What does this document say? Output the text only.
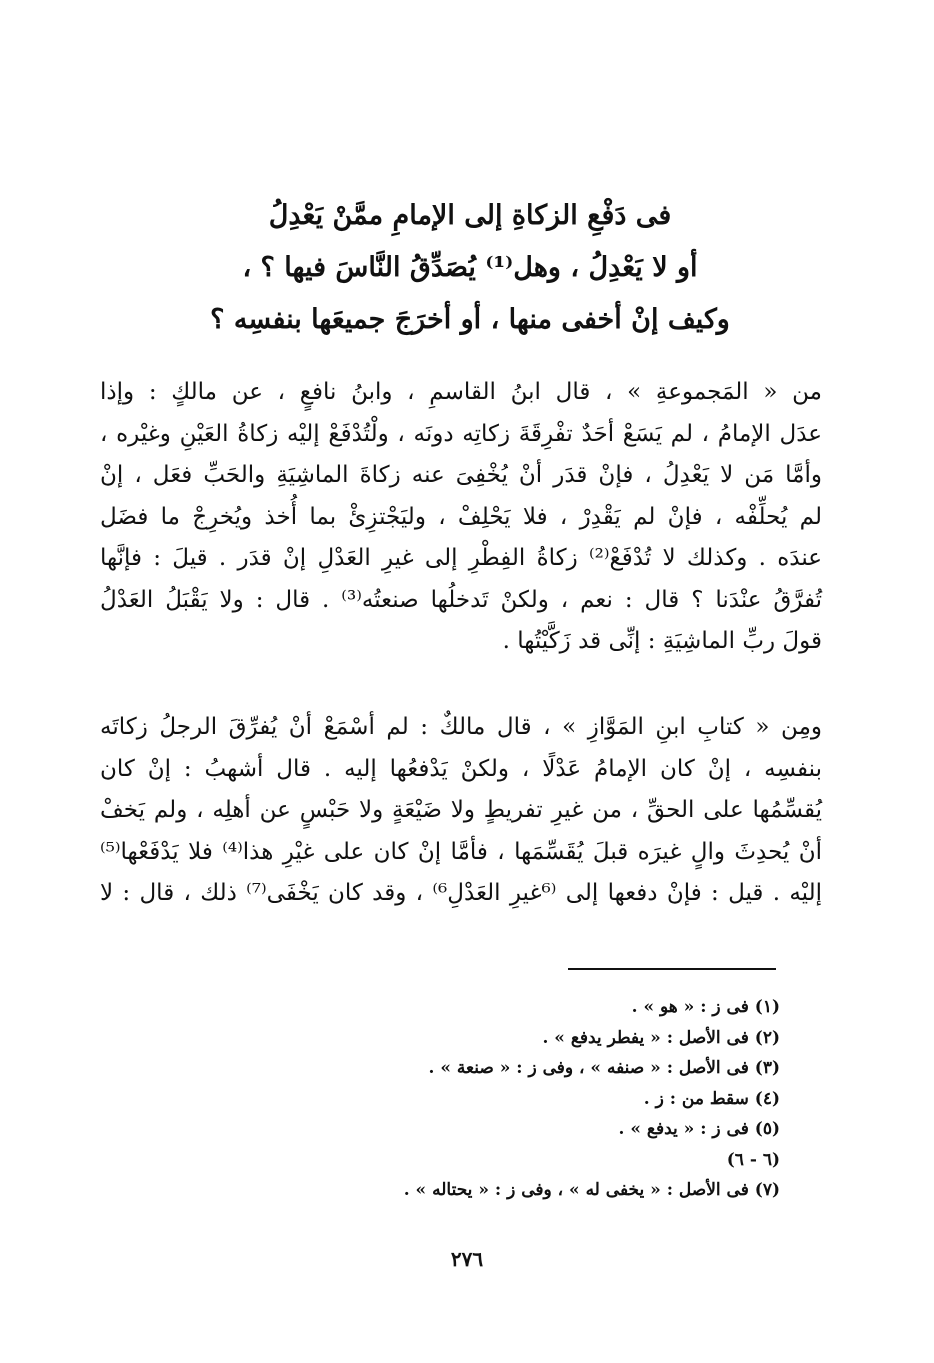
فى دَفْعِ الزكاةِ إلى الإمامِ ممَّنْ يَعْدِلُ
أو لا يَعْدِلُ ، وهل⁽¹⁾ يُصَدِّقُ النَّاسَ فيها ؟ ،
وكيف إنْ أخفى منها ، أو أخرَجَ جميعَها بنفسِه ؟
من « المَجموعةِ » ، قال ابنُ القاسمِ ، وابنُ نافعٍ ، عن مالكٍ : وإذا
عدَل الإمامُ ، لم يَسَعْ أحَدٌ تفْرِقَةَ زكاتِه دونَه ، ولْتُدْفَعْ إليْه زكاةُ العَيْنِ وغيْره ،
وأمَّا مَن لا يَعْدِلُ ، فإنْ قدَر أنْ يُخْفِىَ عنه زكاةَ الماشِيَةِ والحَبِّ فعَل ، إنْ
لم يُحلِّفْه ، فإنْ لم يَقْدِرْ ، فلا يَحْلِفْ ، وليَجْتزِئْ بما أُخذ ويُخرِجْ ما فضَل
عندَه . وكذلك لا تُدْفَعْ⁽²⁾ زكاةُ الفِطْرِ إلى غيرِ العَدْلِ إنْ قدَر . قيلَ : فإنَّها
تُفرَّقُ عنْدَنا ؟ قال : نعم ، ولكنْ تَدخلُها صنعتُه⁽³⁾ . قال : ولا يَقْبَلُ العَدْلُ
قولَ ربِّ الماشِيَةِ : إنِّى قد زَكَّيْتُها .
ومِن « كتابِ ابنِ المَوَّازِ » ، قال مالكٌ : لم أسْمَعْ أنْ يُفرِّقَ الرجلُ زكاتَه
بنفسِه ، إنْ كان الإمامُ عَدْلًا ، ولكنْ يَدْفعُها إليه . قال أشهبُ : إنْ كان
يُقسِّمُها على الحقِّ ، من غيرِ تفريطٍ ولا ضَيْعَةٍ ولا حَبْسٍ عن أهلِه ، ولم يَخفْ
أنْ يُحدِثَ والٍ غيرَه قبلَ يُقَسِّمَها ، فأمَّا إنْ كان على غيْرِ هذا⁽⁴⁾ فلا يَدْفَعْها⁽⁵⁾
إليْه . قيل : فإنْ دفعها إلى ⁽⁶غيرِ العَدْلِ⁶⁾ ، وقد كان يَخْفَى⁽⁷⁾ ذلك ، قال : لا
(١) فى ز : « هو » .
(٢) فى الأصل : « يفطر يدفع » .
(٣) فى الأصل : « صنفه » ، وفى ز : « صنعة » .
(٤) سقط من : ز .
(٥) فى ز : « يدفع » .
(٦ - ٦)
(٧) فى الأصل : « يخفى له » ، وفى ز : « يحتاله » .
٢٧٦
